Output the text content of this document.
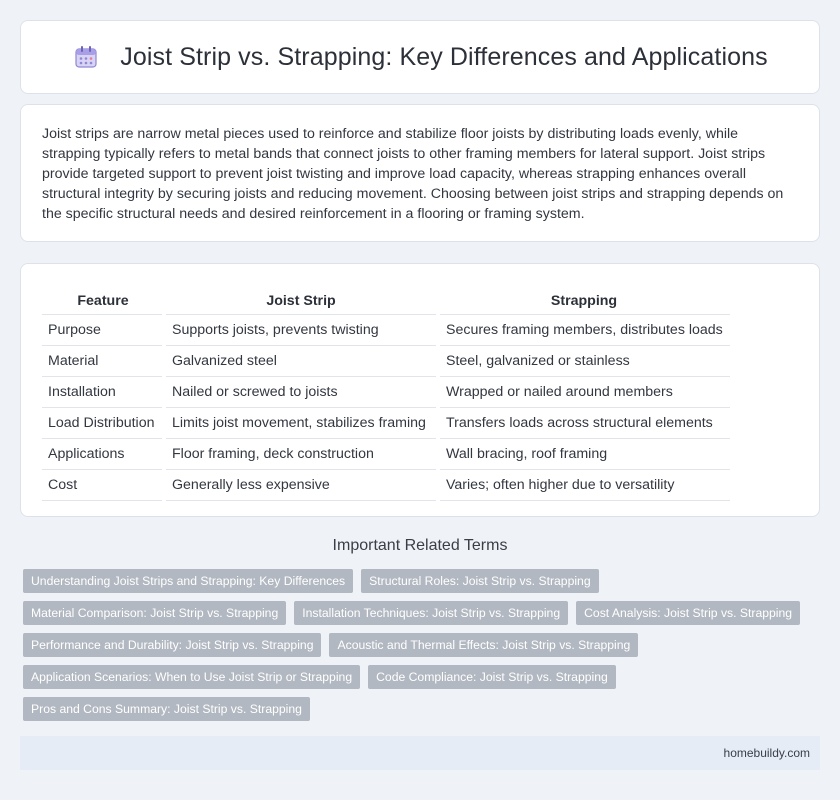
Joist Strip vs. Strapping: Key Differences and Applications

Joist strips are narrow metal pieces used to reinforce and stabilize floor joists by distributing loads evenly, while strapping typically refers to metal bands that connect joists to other framing members for lateral support. Joist strips provide targeted support to prevent joist twisting and improve load capacity, whereas strapping enhances overall structural integrity by securing joists and reducing movement. Choosing between joist strips and strapping depends on the specific structural needs and desired reinforcement in a flooring or framing system.

Feature	Joist Strip	Strapping
Purpose	Supports joists, prevents twisting	Secures framing members, distributes loads
Material	Galvanized steel	Steel, galvanized or stainless
Installation	Nailed or screwed to joists	Wrapped or nailed around members
Load Distribution	Limits joist movement, stabilizes framing	Transfers loads across structural elements
Applications	Floor framing, deck construction	Wall bracing, roof framing
Cost	Generally less expensive	Varies; often higher due to versatility
Important Related Terms
Understanding Joist Strips and Strapping: Key Differences	Structural Roles: Joist Strip vs. Strapping
Material Comparison: Joist Strip vs. Strapping	Installation Techniques: Joist Strip vs. Strapping	Cost Analysis: Joist Strip vs. Strapping
Performance and Durability: Joist Strip vs. Strapping	Acoustic and Thermal Effects: Joist Strip vs. Strapping
Application Scenarios: When to Use Joist Strip or Strapping	Code Compliance: Joist Strip vs. Strapping
Pros and Cons Summary: Joist Strip vs. Strapping
homebuildy.com
